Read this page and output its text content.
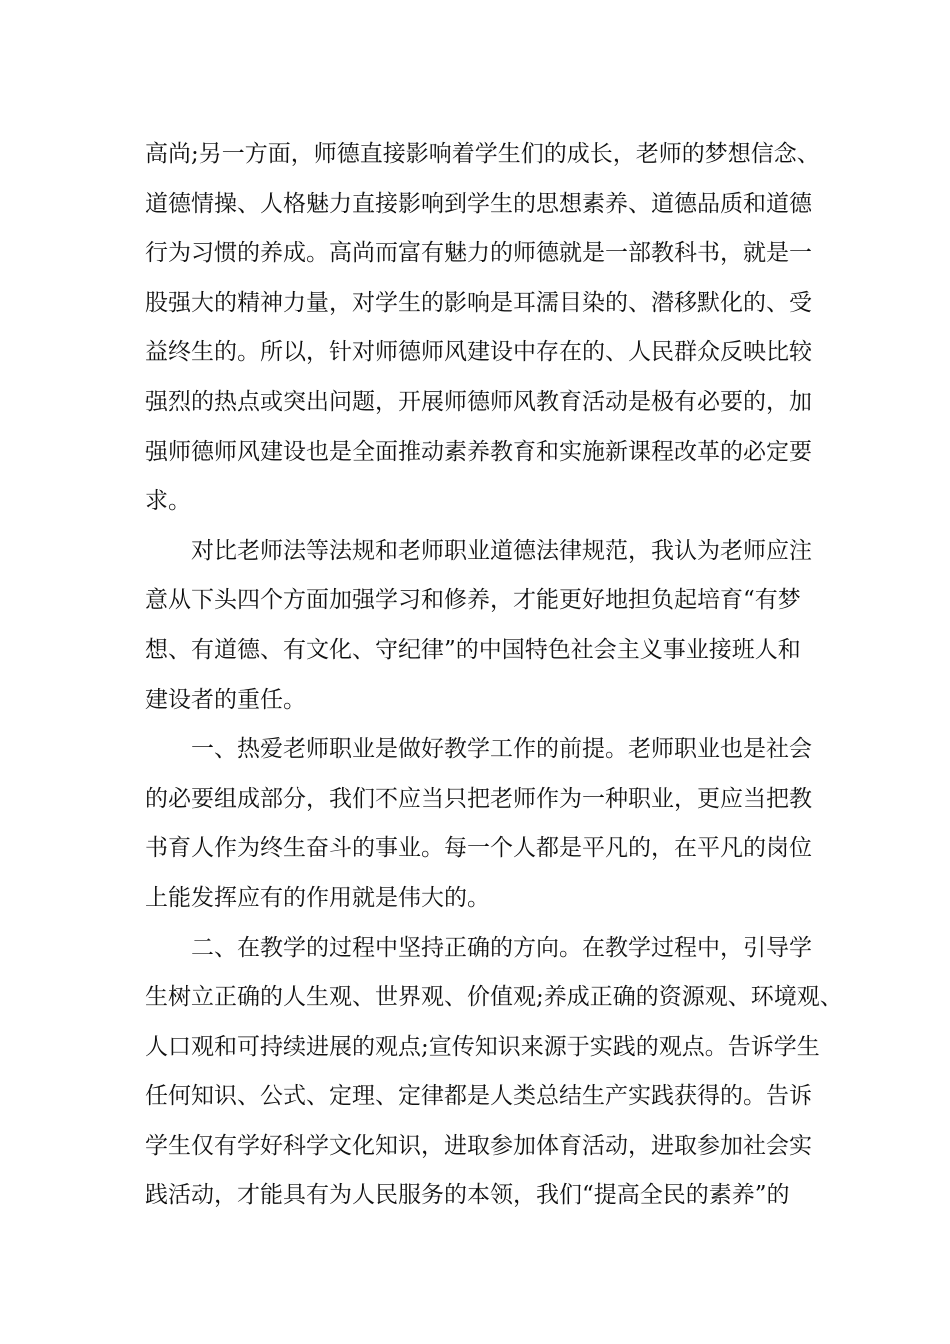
高尚;另一方面，师德直接影响着学生们的成长，老师的梦想信念、
道德情操、人格魅力直接影响到学生的思想素养、道德品质和道德
行为习惯的养成。高尚而富有魅力的师德就是一部教科书，就是一
股强大的精神力量，对学生的影响是耳濡目染的、潜移默化的、受
益终生的。所以，针对师德师风建设中存在的、人民群众反映比较
强烈的热点或突出问题，开展师德师风教育活动是极有必要的，加
强师德师风建设也是全面推动素养教育和实施新课程改革的必定要
求。
对比老师法等法规和老师职业道德法律规范，我认为老师应注
意从下头四个方面加强学习和修养，才能更好地担负起培育“有梦
想、有道德、有文化、守纪律”的中国特色社会主义事业接班人和
建设者的重任。
一、热爱老师职业是做好教学工作的前提。老师职业也是社会
的必要组成部分，我们不应当只把老师作为一种职业，更应当把教
书育人作为终生奋斗的事业。每一个人都是平凡的，在平凡的岗位
上能发挥应有的作用就是伟大的。
二、在教学的过程中坚持正确的方向。在教学过程中，引导学
生树立正确的人生观、世界观、价值观;养成正确的资源观、环境观、
人口观和可持续进展的观点;宣传知识来源于实践的观点。告诉学生
任何知识、公式、定理、定律都是人类总结生产实践获得的。告诉
学生仅有学好科学文化知识，进取参加体育活动，进取参加社会实
践活动，才能具有为人民服务的本领，我们“提高全民的素养”的
